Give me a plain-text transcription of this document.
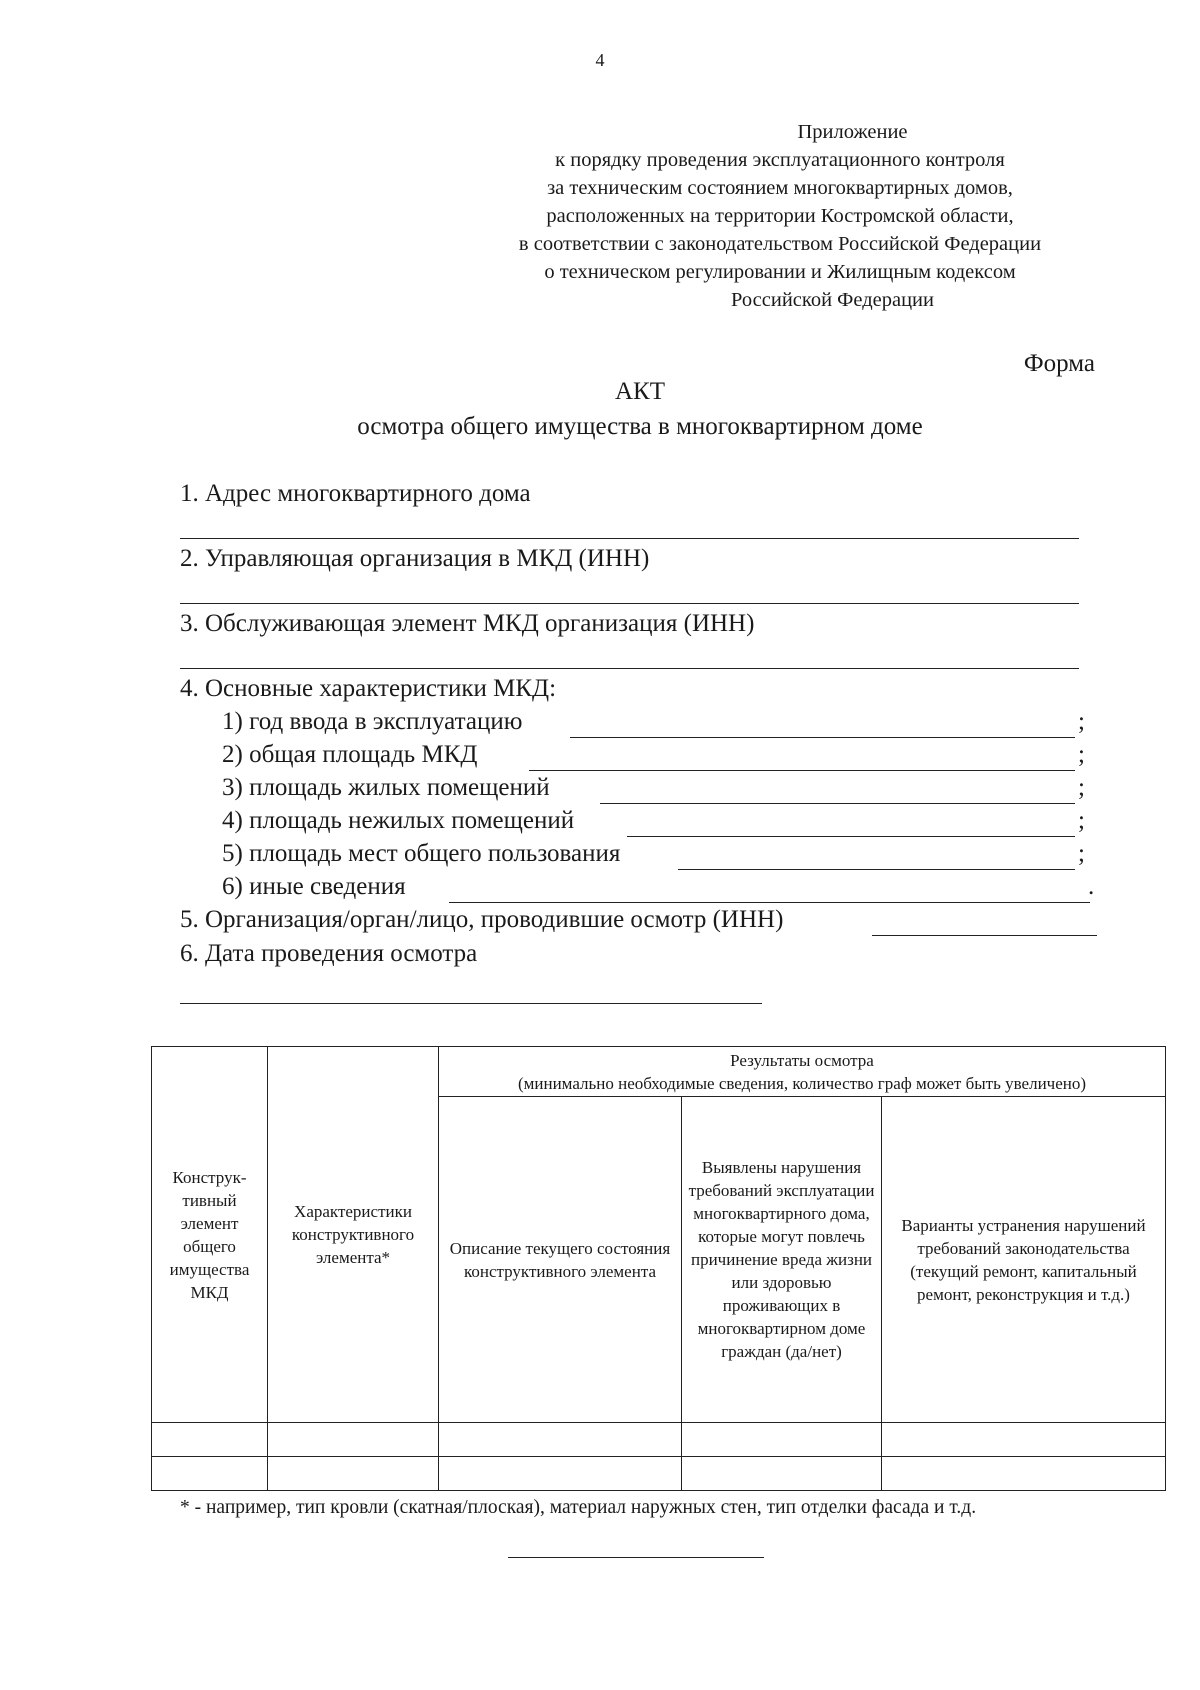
4
Приложение
к порядку проведения эксплуатационного контроля
за техническим состоянием многоквартирных домов,
расположенных на территории Костромской области,
в соответствии с законодательством Российской Федерации
о техническом регулировании и Жилищным кодексом
Российской Федерации
Форма
АКТ
осмотра общего имущества в многоквартирном доме
1. Адрес многоквартирного дома
2. Управляющая организация в МКД (ИНН)
3. Обслуживающая элемент МКД организация (ИНН)
4. Основные характеристики МКД:
1) год ввода в эксплуатацию	;
2) общая площадь МКД	;
3) площадь жилых помещений	;
4) площадь нежилых помещений	;
5) площадь мест общего пользования	;
6) иные сведения	.
5. Организация/орган/лицо, проводившие осмотр (ИНН)
6. Дата проведения осмотра
Конструк-тивный элемент общего имущества МКД	Характеристики конструктивного элемента*	Результаты осмотра
(минимально необходимые сведения, количество граф может быть увеличено)		

		Описание текущего состояния конструктивного элемента	Выявлены нарушения требований эксплуатации многоквартирного дома, которые могут повлечь причинение вреда жизни или здоровью проживающих в многоквартирном доме граждан (да/нет)	Варианты устранения нарушений требований законодательства (текущий ремонт, капитальный ремонт, реконструкция и т.д.)

* - например, тип кровли (скатная/плоская), материал наружных стен, тип отделки фасада и т.д.
